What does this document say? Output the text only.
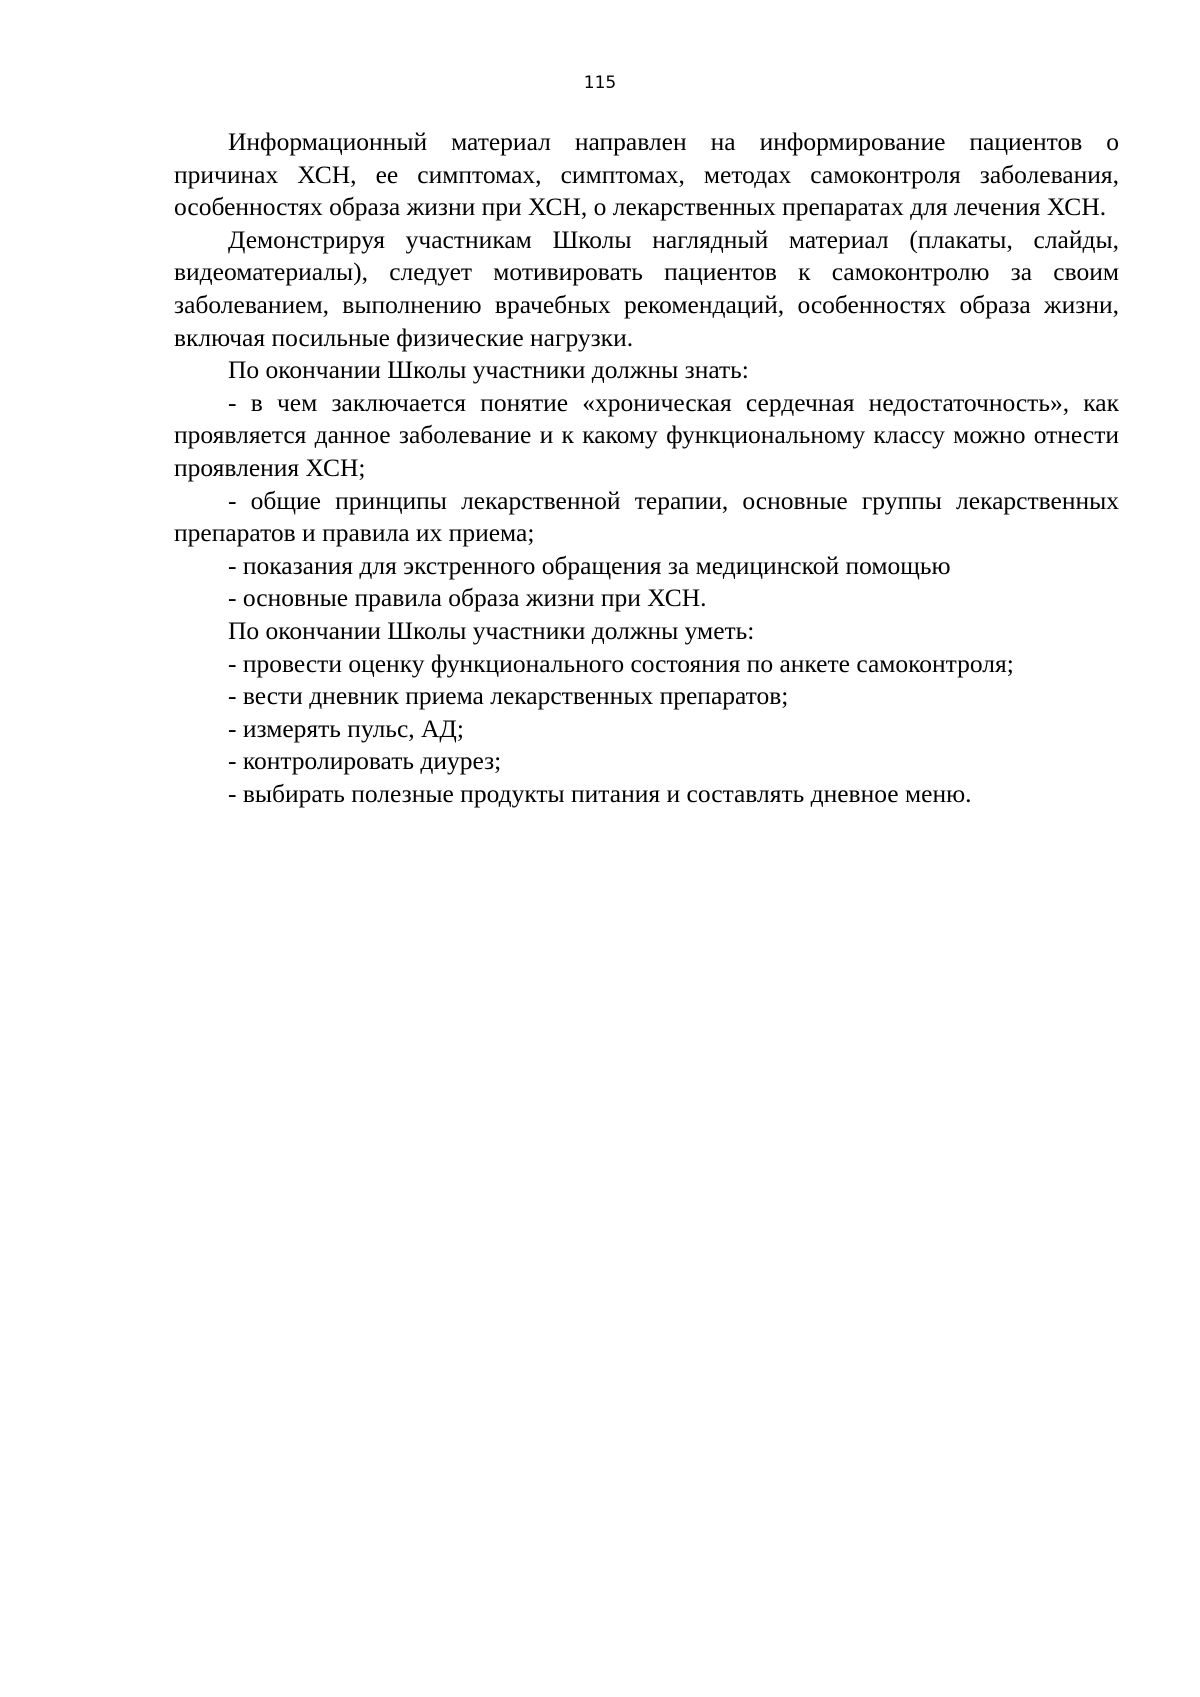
115

Информационный материал направлен на информирование пациентов о причинах ХСН, ее симптомах, симптомах, методах самоконтроля заболевания, особенностях образа жизни при ХСН, о лекарственных препаратах для лечения ХСН.

Демонстрируя участникам Школы наглядный материал (плакаты, слайды, видеоматериалы), следует мотивировать пациентов к самоконтролю за своим заболеванием, выполнению врачебных рекомендаций, особенностях образа жизни, включая посильные физические нагрузки.

По окончании Школы участники должны знать:

- в чем заключается понятие «хроническая сердечная недостаточность», как проявляется данное заболевание и к какому функциональному классу можно отнести проявления ХСН;

- общие принципы лекарственной терапии, основные группы лекарственных препаратов и правила их приема;

- показания для экстренного обращения за медицинской помощью

- основные правила образа жизни при ХСН.

По окончании Школы участники должны уметь:

- провести оценку функционального состояния по анкете самоконтроля;

- вести дневник приема лекарственных препаратов;

- измерять пульс, АД;

- контролировать диурез;

- выбирать полезные продукты питания и составлять дневное меню.
